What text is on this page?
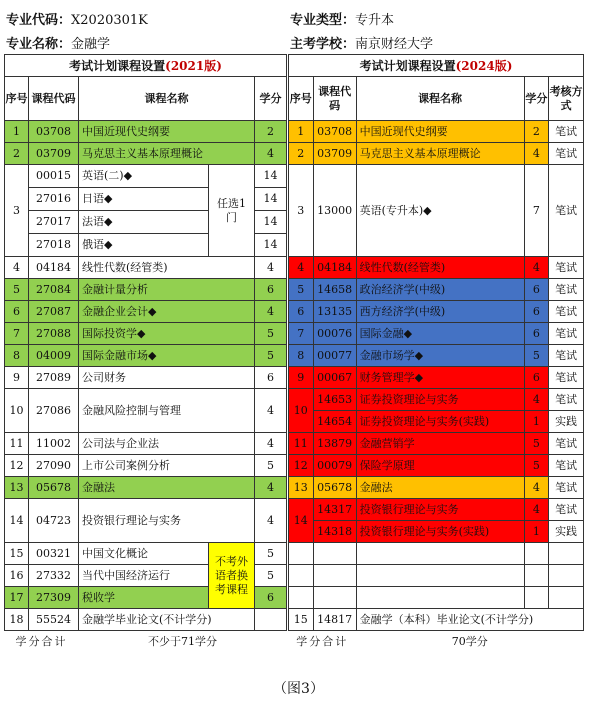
专业代码：X2020301K	专业类型：专升本
专业名称：金融学	主考学校：南京财经大学
考试计划课程设置(2021版)				
序号	课程代码	课程名称		学分
1	03708	中国近现代史纲要		2
2	03709	马克思主义基本原理概论		4
3	00015	英语(二)◆	任选1门	14
	27016	日语◆		14
	27017	法语◆		14
	27018	俄语◆		14
4	04184	线性代数(经管类)		4
5	27084	金融计量分析		6
6	27087	金融企业会计◆		4
7	27088	国际投资学◆		5
8	04009	国际金融市场◆		5
9	27089	公司财务		6
10	27086	金融风险控制与管理		4
11	11002	公司法与企业法		4
12	27090	上市公司案例分析		5
13	05678	金融法		4
14	04723	投资银行理论与实务		4
15	00321	中国文化概论	不考外语者换考课程	5
16	27332	当代中国经济运行		5
17	27309	税收学		6
18	55524	金融学毕业论文(不计学分)		
学分合计		不少于71学分		
考试计划课程设置(2024版)				
序号	课程代码	课程名称	学分	考核方式
1	03708	中国近现代史纲要	2	笔试
2	03709	马克思主义基本原理概论	4	笔试
3	13000	英语(专升本)◆	7	笔试
4	04184	线性代数(经管类)	4	笔试
5	14658	政治经济学(中级)	6	笔试
6	13135	西方经济学(中级)	6	笔试
7	00076	国际金融◆	6	笔试
8	00077	金融市场学◆	5	笔试
9	00067	财务管理学◆	6	笔试
10	14653	证券投资理论与实务	4	笔试
	14654	证券投资理论与实务(实践)	1	实践
11	13879	金融营销学	5	笔试
12	00079	保险学原理	5	笔试
13	05678	金融法	4	笔试
14	14317	投资银行理论与实务	4	笔试
	14318	投资银行理论与实务(实践)	1	实践

15	14817	金融学（本科）毕业论文(不计学分)		
学分合计		70学分		
（图3）
